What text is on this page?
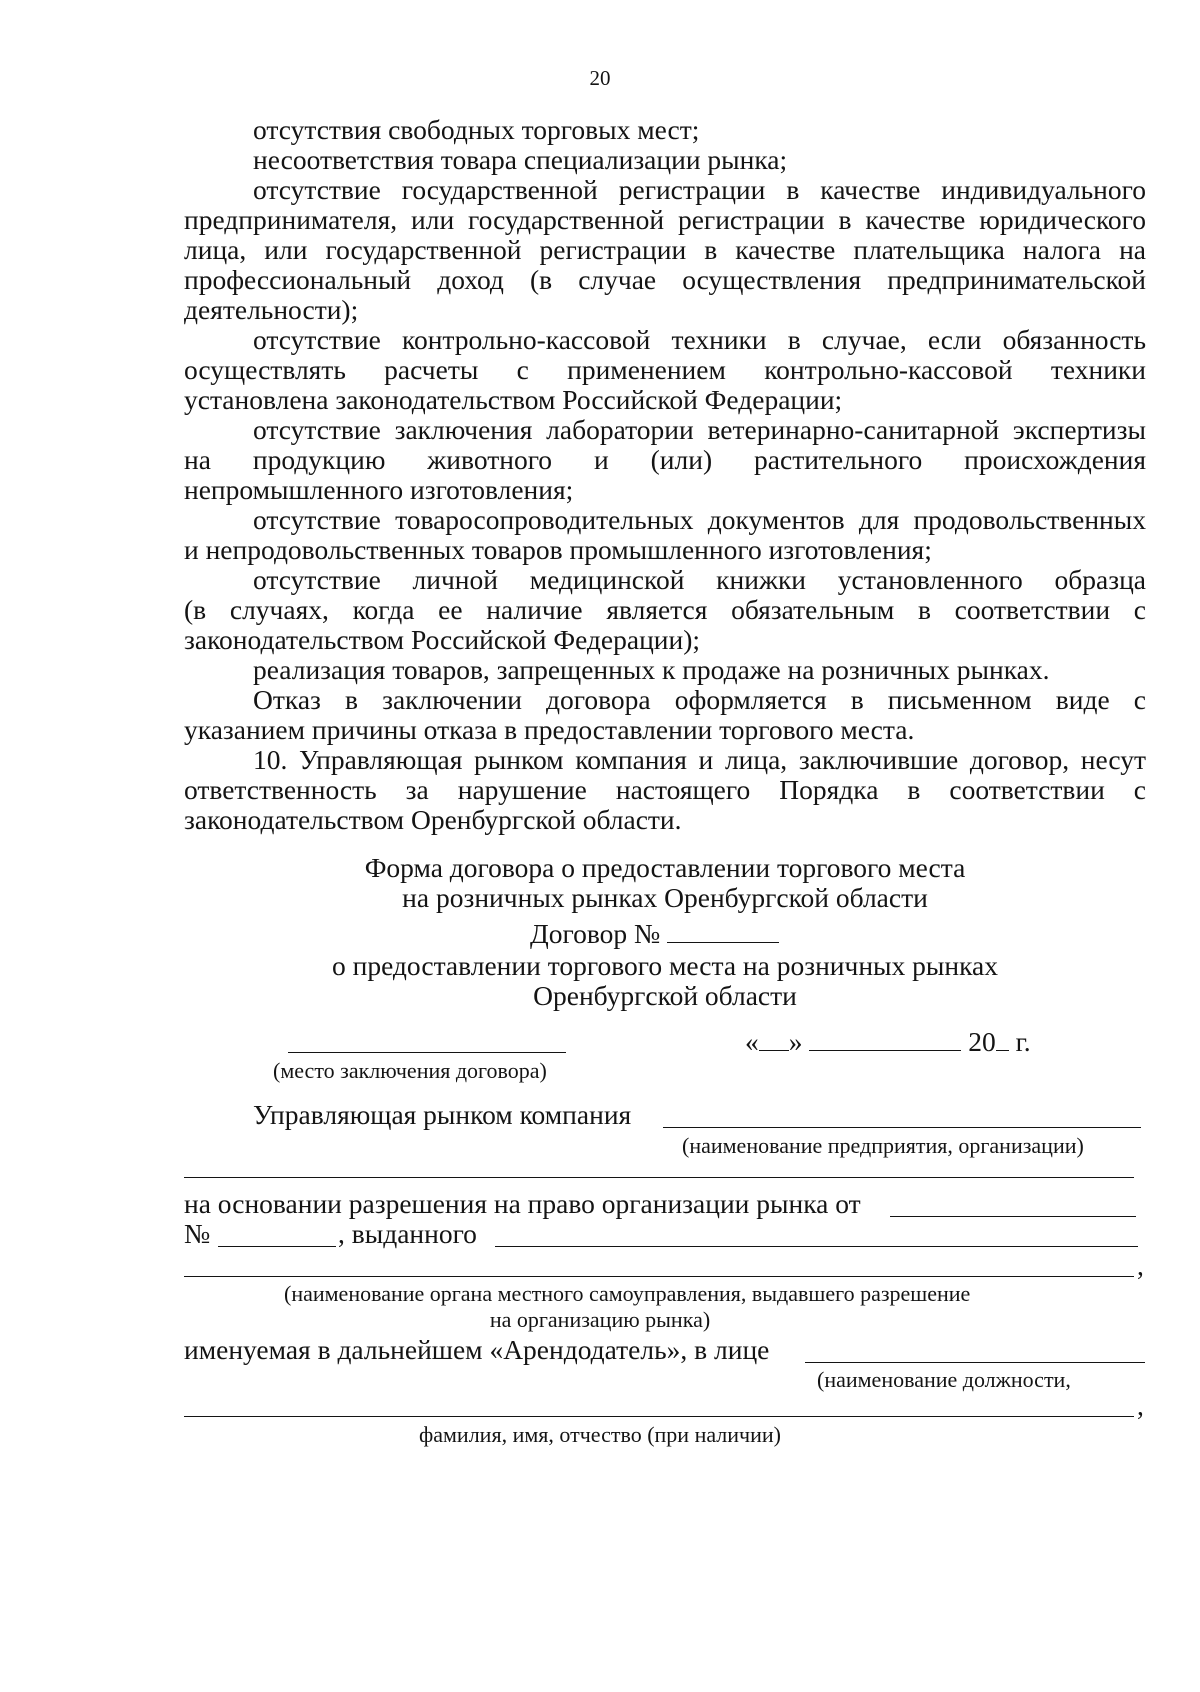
20
отсутствия свободных торговых мест;
несоответствия товара специализации рынка;
отсутствие государственной регистрации в качестве индивидуального
предпринимателя, или государственной регистрации в качестве юридического
лица, или государственной регистрации в качестве плательщика налога на
профессиональный доход (в случае осуществления предпринимательской
деятельности);
отсутствие контрольно-кассовой техники в случае, если обязанность
осуществлять расчеты с применением контрольно-кассовой техники
установлена законодательством Российской Федерации;
отсутствие заключения лаборатории ветеринарно-санитарной экспертизы
на продукцию животного и (или) растительного происхождения
непромышленного изготовления;
отсутствие товаросопроводительных документов для продовольственных
и непродовольственных товаров промышленного изготовления;
отсутствие личной медицинской книжки установленного образца
(в случаях, когда ее наличие является обязательным в соответствии с
законодательством Российской Федерации);
реализация товаров, запрещенных к продаже на розничных рынках.
Отказ в заключении договора оформляется в письменном виде с
указанием причины отказа в предоставлении торгового места.
10. Управляющая рынком компания и лица, заключившие договор, несут
ответственность за нарушение настоящего Порядка в соответствии с
законодательством Оренбургской области.
Форма договора о предоставлении торгового места
на розничных рынках Оренбургской области
Договор №
о предоставлении торгового места на розничных рынках
Оренбургской области
« »	20 г.
(место заключения договора)
Управляющая рынком компания
(наименование предприятия, организации)
на основании разрешения на право организации рынка от
№	, выданного
,
(наименование органа местного самоуправления, выдавшего разрешение
на организацию рынка)
именуемая в дальнейшем «Арендодатель», в лице
(наименование должности,
,
фамилия, имя, отчество (при наличии)
